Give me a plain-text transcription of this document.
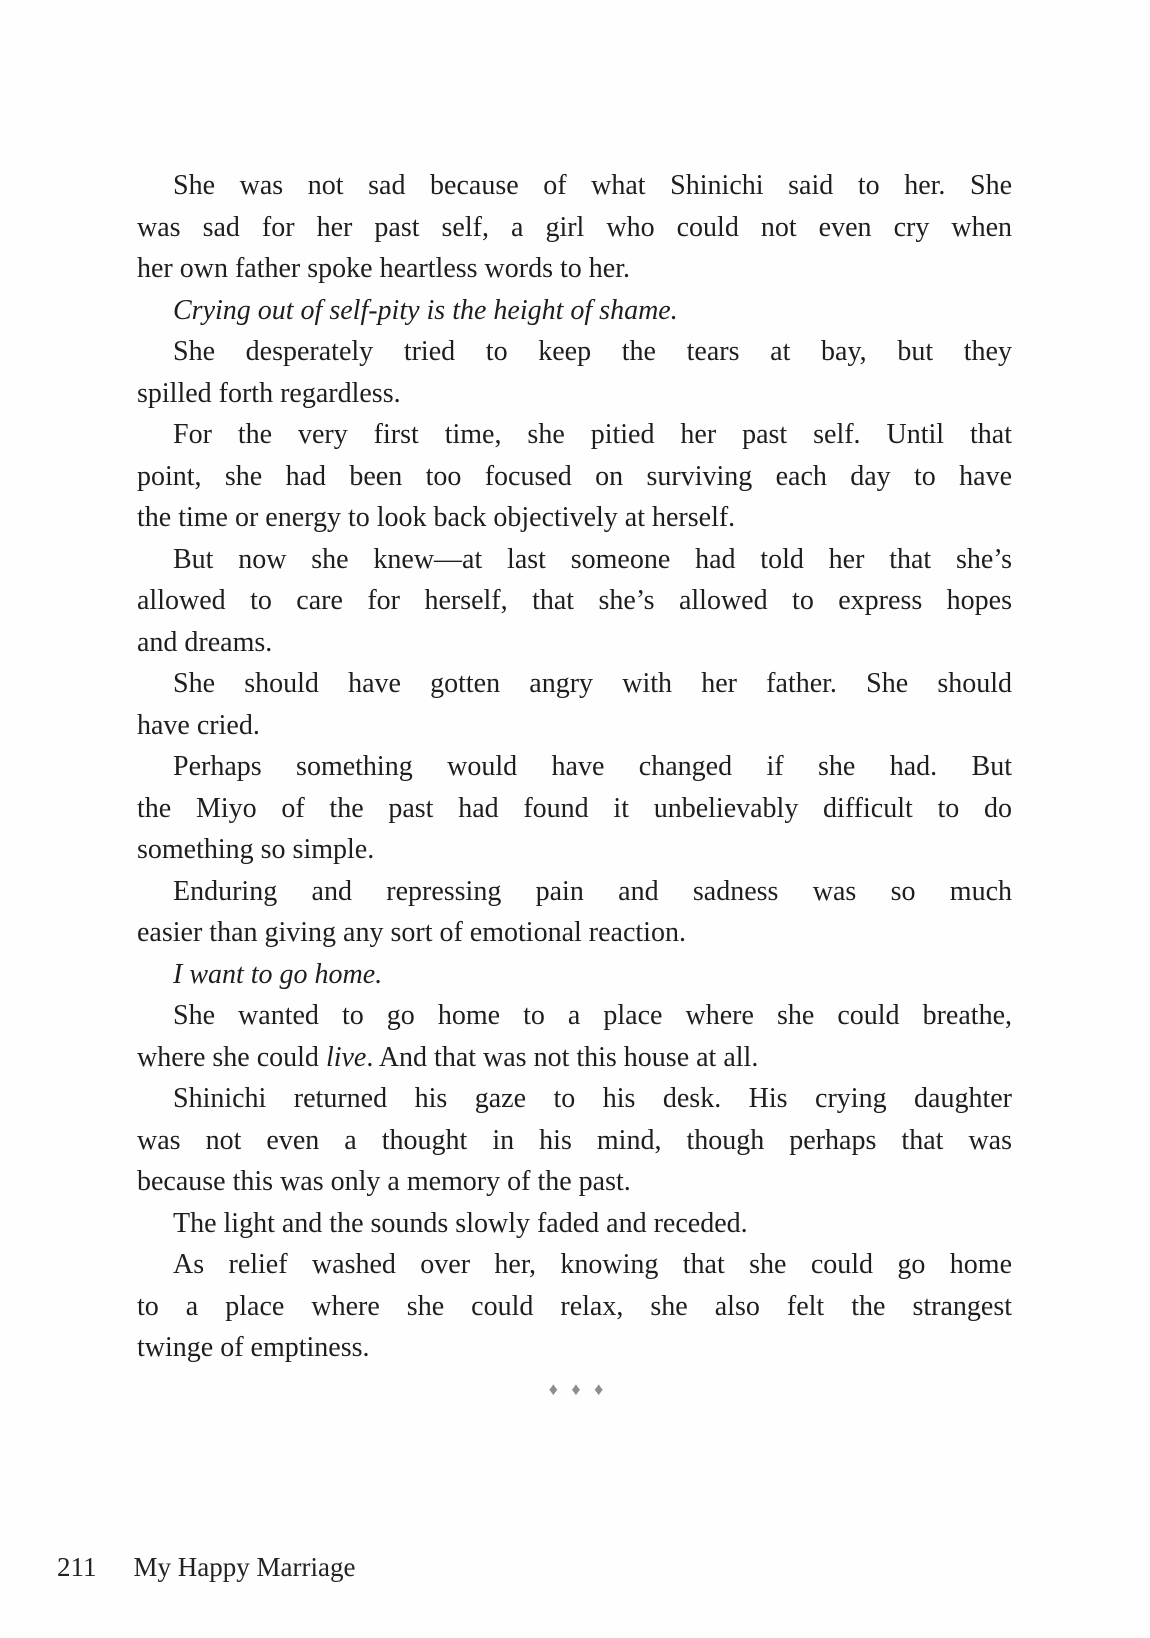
She was not sad because of what Shinichi said to her. She
was sad for her past self, a girl who could not even cry when
her own father spoke heartless words to her.
Crying out of self-pity is the height of shame.
She desperately tried to keep the tears at bay, but they
spilled forth regardless.
For the very first time, she pitied her past self. Until that
point, she had been too focused on surviving each day to have
the time or energy to look back objectively at herself.
But now she knew—at last someone had told her that she’s
allowed to care for herself, that she’s allowed to express hopes
and dreams.
She should have gotten angry with her father. She should
have cried.
Perhaps something would have changed if she had. But
the Miyo of the past had found it unbelievably difficult to do
something so simple.
Enduring and repressing pain and sadness was so much
easier than giving any sort of emotional reaction.
I want to go home.
She wanted to go home to a place where she could breathe,
where she could live. And that was not this house at all.
Shinichi returned his gaze to his desk. His crying daughter
was not even a thought in his mind, though perhaps that was
because this was only a memory of the past.
The light and the sounds slowly faded and receded.
As relief washed over her, knowing that she could go home
to a place where she could relax, she also felt the strangest
twinge of emptiness.
♦ ♦ ♦
211 My Happy Marriage
